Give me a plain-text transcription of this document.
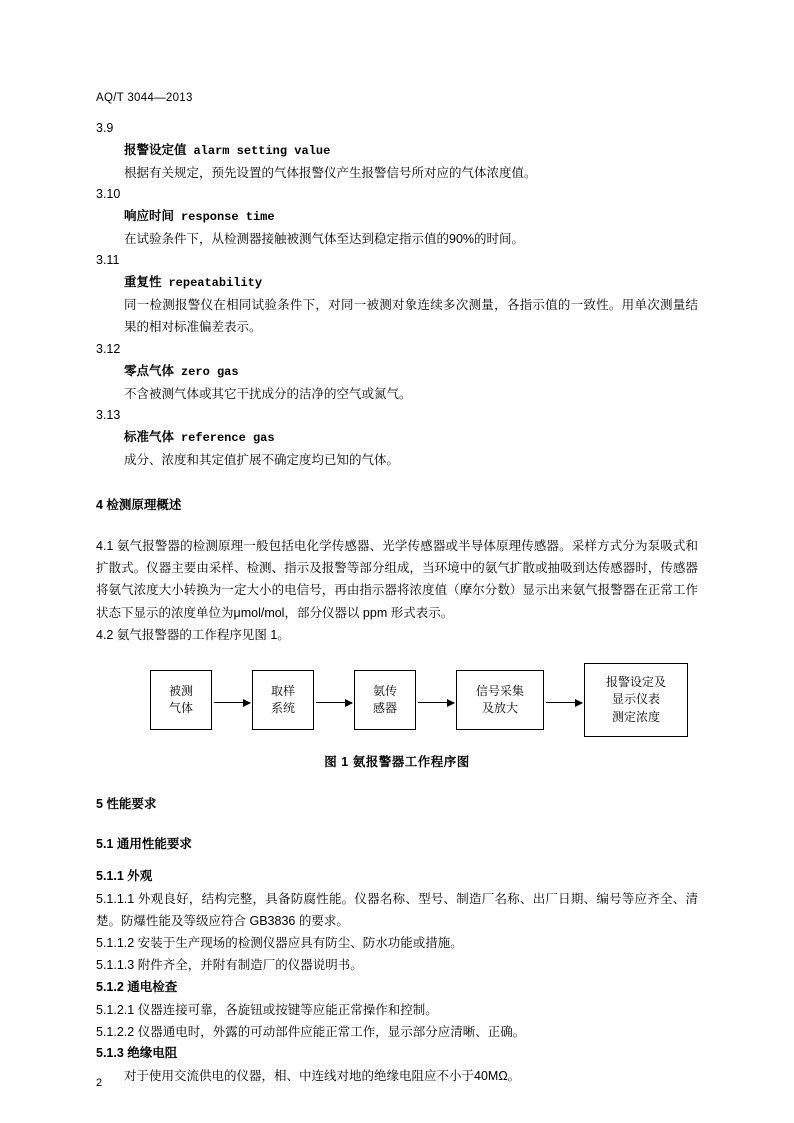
AQ/T 3044—2013
3.9
报警设定值 alarm setting value
根据有关规定，预先设置的气体报警仪产生报警信号所对应的气体浓度值。
3.10
响应时间 response time
在试验条件下，从检测器接触被测气体至达到稳定指示值的90%的时间。
3.11
重复性 repeatability
同一检测报警仪在相同试验条件下，对同一被测对象连续多次测量，各指示值的一致性。用单次测量结果的相对标准偏差表示。
3.12
零点气体 zero gas
不含被测气体或其它干扰成分的洁净的空气或氮气。
3.13
标准气体 reference gas
成分、浓度和其定值扩展不确定度均已知的气体。
4 检测原理概述
4.1 氨气报警器的检测原理一般包括电化学传感器、光学传感器或半导体原理传感器。采样方式分为泵吸式和扩散式。仪器主要由采样、检测、指示及报警等部分组成，当环境中的氨气扩散或抽吸到达传感器时，传感器将氨气浓度大小转换为一定大小的电信号，再由指示器将浓度值（摩尔分数）显示出来氨气报警器在正常工作状态下显示的浓度单位为μmol/mol，部分仪器以 ppm 形式表示。
4.2 氨气报警器的工作程序见图 1。
被测
气体
取样
系统
氨传
感器
信号采集
及放大
报警设定及
显示仪表
测定浓度
图 1 氨报警器工作程序图
5 性能要求
5.1 通用性能要求
5.1.1 外观
5.1.1.1 外观良好，结构完整，具备防腐性能。仪器名称、型号、制造厂名称、出厂日期、编号等应齐全、清楚。防爆性能及等级应符合 GB3836 的要求。
5.1.1.2 安装于生产现场的检测仪器应具有防尘、防水功能或措施。
5.1.1.3 附件齐全，并附有制造厂的仪器说明书。
5.1.2 通电检查
5.1.2.1 仪器连接可靠，各旋钮或按键等应能正常操作和控制。
5.1.2.2 仪器通电时，外露的可动部件应能正常工作，显示部分应清晰、正确。
5.1.3 绝缘电阻
对于使用交流供电的仪器，相、中连线对地的绝缘电阻应不小于40MΩ。
2
